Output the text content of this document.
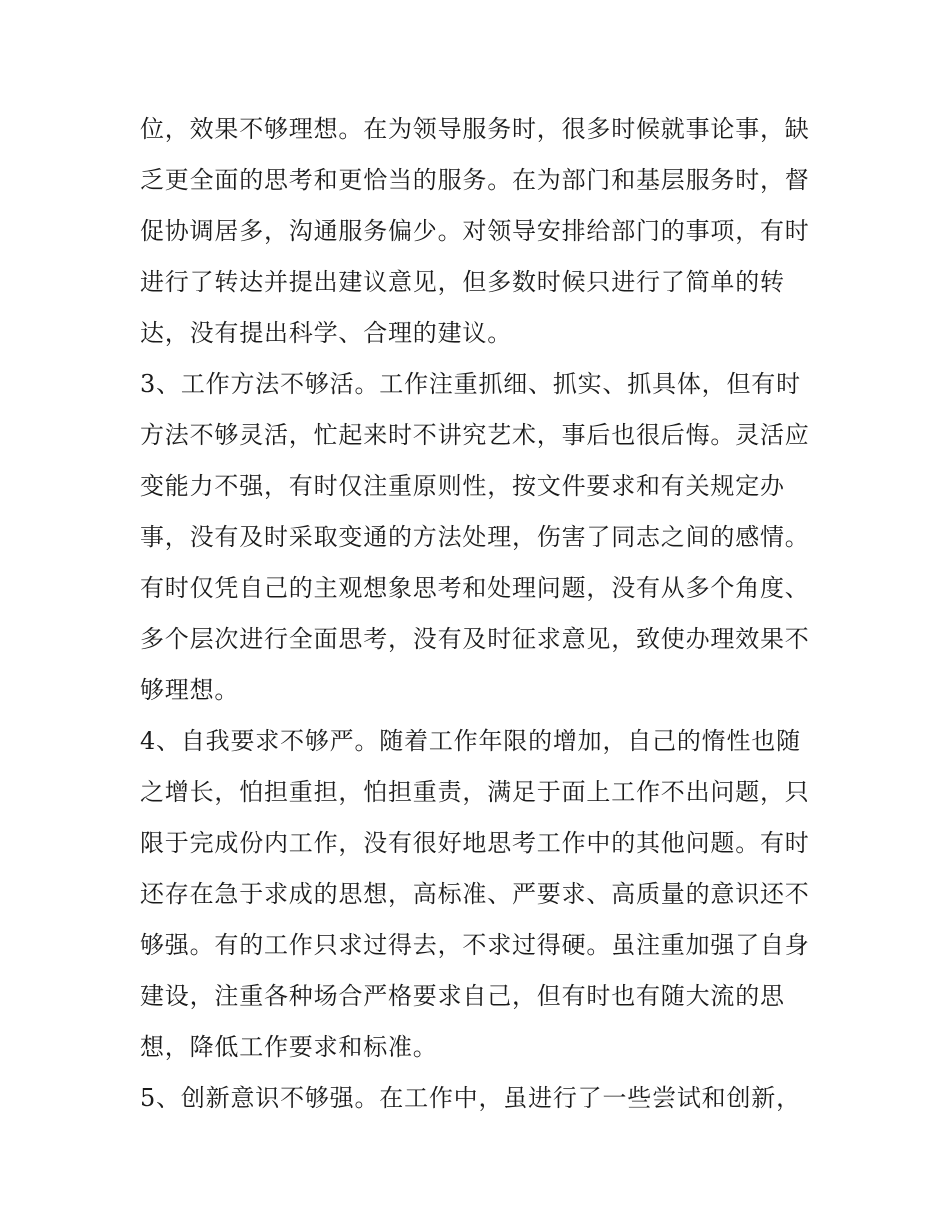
位，效果不够理想。在为领导服务时，很多时候就事论事，缺
乏更全面的思考和更恰当的服务。在为部门和基层服务时，督
促协调居多，沟通服务偏少。对领导安排给部门的事项，有时
进行了转达并提出建议意见，但多数时候只进行了简单的转
达，没有提出科学、合理的建议。

3、工作方法不够活。工作注重抓细、抓实、抓具体，但有时
方法不够灵活，忙起来时不讲究艺术，事后也很后悔。灵活应
变能力不强，有时仅注重原则性，按文件要求和有关规定办
事，没有及时采取变通的方法处理，伤害了同志之间的感情。
有时仅凭自己的主观想象思考和处理问题，没有从多个角度、
多个层次进行全面思考，没有及时征求意见，致使办理效果不
够理想。

4、自我要求不够严。随着工作年限的增加，自己的惰性也随
之增长，怕担重担，怕担重责，满足于面上工作不出问题，只
限于完成份内工作，没有很好地思考工作中的其他问题。有时
还存在急于求成的思想，高标准、严要求、高质量的意识还不
够强。有的工作只求过得去，不求过得硬。虽注重加强了自身
建设，注重各种场合严格要求自己，但有时也有随大流的思
想，降低工作要求和标准。

5、创新意识不够强。在工作中，虽进行了一些尝试和创新，
